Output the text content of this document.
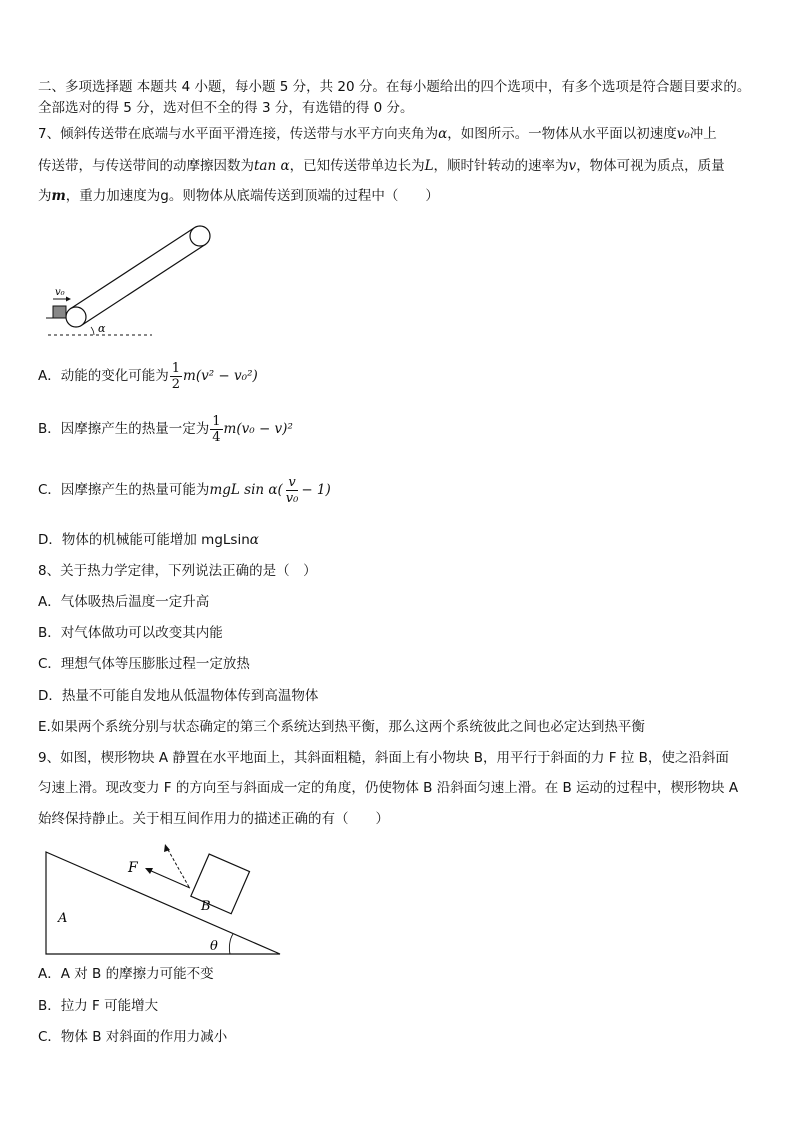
二、多项选择题 本题共 4 小题，每小题 5 分，共 20 分。在每小题给出的四个选项中，有多个选项是符合题目要求的。
全部选对的得 5 分，选对但不全的得 3 分，有选错的得 0 分。
7、倾斜传送带在底端与水平面平滑连接，传送带与水平方向夹角为α，如图所示。一物体从水平面以初速度v₀冲上
传送带，与传送带间的动摩擦因数为tan α，已知传送带单边长为L，顺时针转动的速率为v，物体可视为质点，质量
为m，重力加速度为g。则物体从底端传送到顶端的过程中（　　）
v₀
α
A．动能的变化可能为 $\frac{1}{2} m(v^2 - v_0^2)$
B．因摩擦产生的热量一定为 $\frac{1}{4} m(v_0 - v)^2$
C．因摩擦产生的热量可能为 mgL $\sin \alpha( \frac{v}{\text{v₀}} - 1)$
D．物体的机械能可能增加 mgLsinα
8、关于热力学定律，下列说法正确的是（　）
A．气体吸热后温度一定升高
B．对气体做功可以改变其内能
C．理想气体等压膨胀过程一定放热
D．热量不可能自发地从低温物体传到高温物体
E.如果两个系统分别与状态确定的第三个系统达到热平衡，那么这两个系统彼此之间也必定达到热平衡
9、如图，楔形物块 A 静置在水平地面上，其斜面粗糙，斜面上有小物块 B，用平行于斜面的力 F 拉 B，使之沿斜面
匀速上滑。现改变力 F 的方向至与斜面成一定的角度，仍使物体 B 沿斜面匀速上滑。在 B 运动的过程中，楔形物块 A
始终保持静止。关于相互间作用力的描述正确的有（　　）
F
B
A
θ
A．A 对 B 的摩擦力可能不变
B．拉力 F 可能增大
C．物体 B 对斜面的作用力减小
